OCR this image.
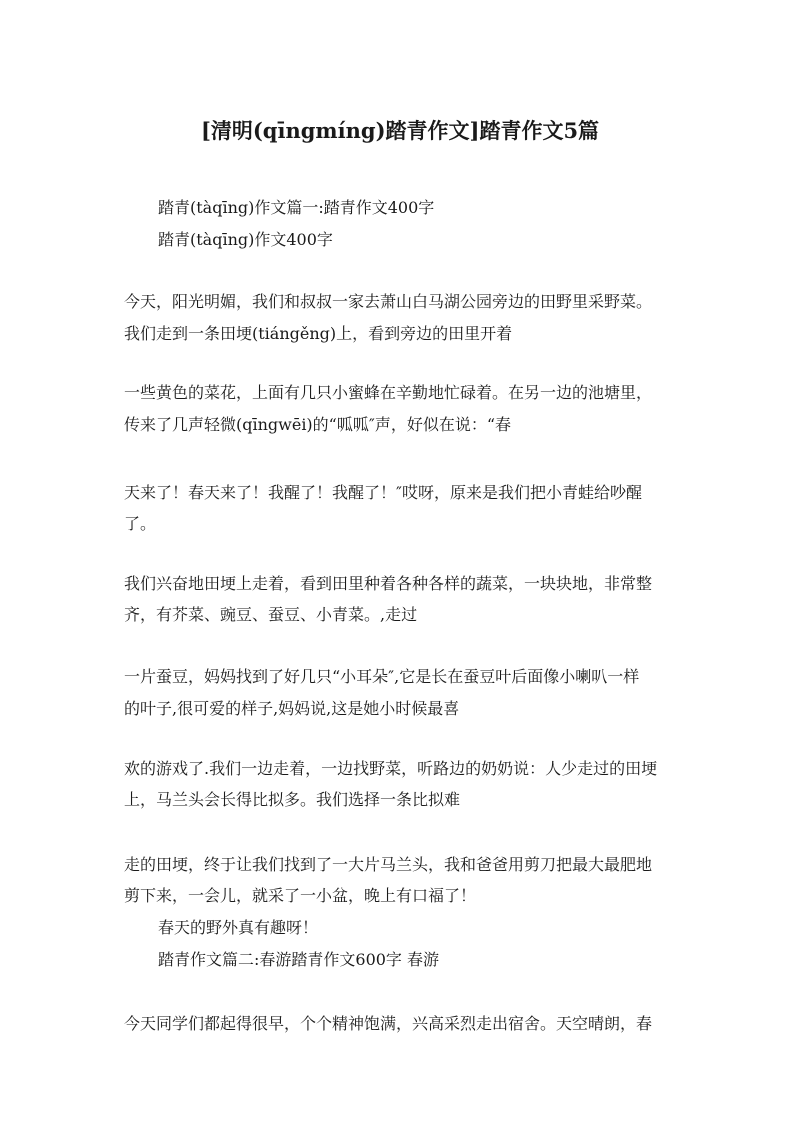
[清明(qīngmíng)踏青作文]踏青作文5篇
踏青(tàqīng)作文篇一:踏青作文400字
踏青(tàqīng)作文400字
今天，阳光明媚，我们和叔叔一家去萧山白马湖公园旁边的田野里采野菜。
我们走到一条田埂(tiángěng)上，看到旁边的田里开着
一些黄色的菜花，上面有几只小蜜蜂在辛勤地忙碌着。在另一边的池塘里，
传来了几声轻微(qīngwēi)的“呱呱″声，好似在说：“春
天来了！春天来了！我醒了！我醒了！″哎呀，原来是我们把小青蛙给吵醒
了。
我们兴奋地田埂上走着，看到田里种着各种各样的蔬菜，一块块地，非常整
齐，有芥菜、豌豆、蚕豆、小青菜。,走过
一片蚕豆，妈妈找到了好几只“小耳朵″,它是长在蚕豆叶后面像小喇叭一样
的叶子,很可爱的样子,妈妈说,这是她小时候最喜
欢的游戏了.我们一边走着，一边找野菜，听路边的奶奶说：人少走过的田埂
上，马兰头会长得比拟多。我们选择一条比拟难
走的田埂，终于让我们找到了一大片马兰头，我和爸爸用剪刀把最大最肥地
剪下来，一会儿，就采了一小盆，晚上有口福了！
春天的野外真有趣呀！
踏青作文篇二:春游踏青作文600字 春游
今天同学们都起得很早，个个精神饱满，兴高采烈走出宿舍。天空晴朗，春
